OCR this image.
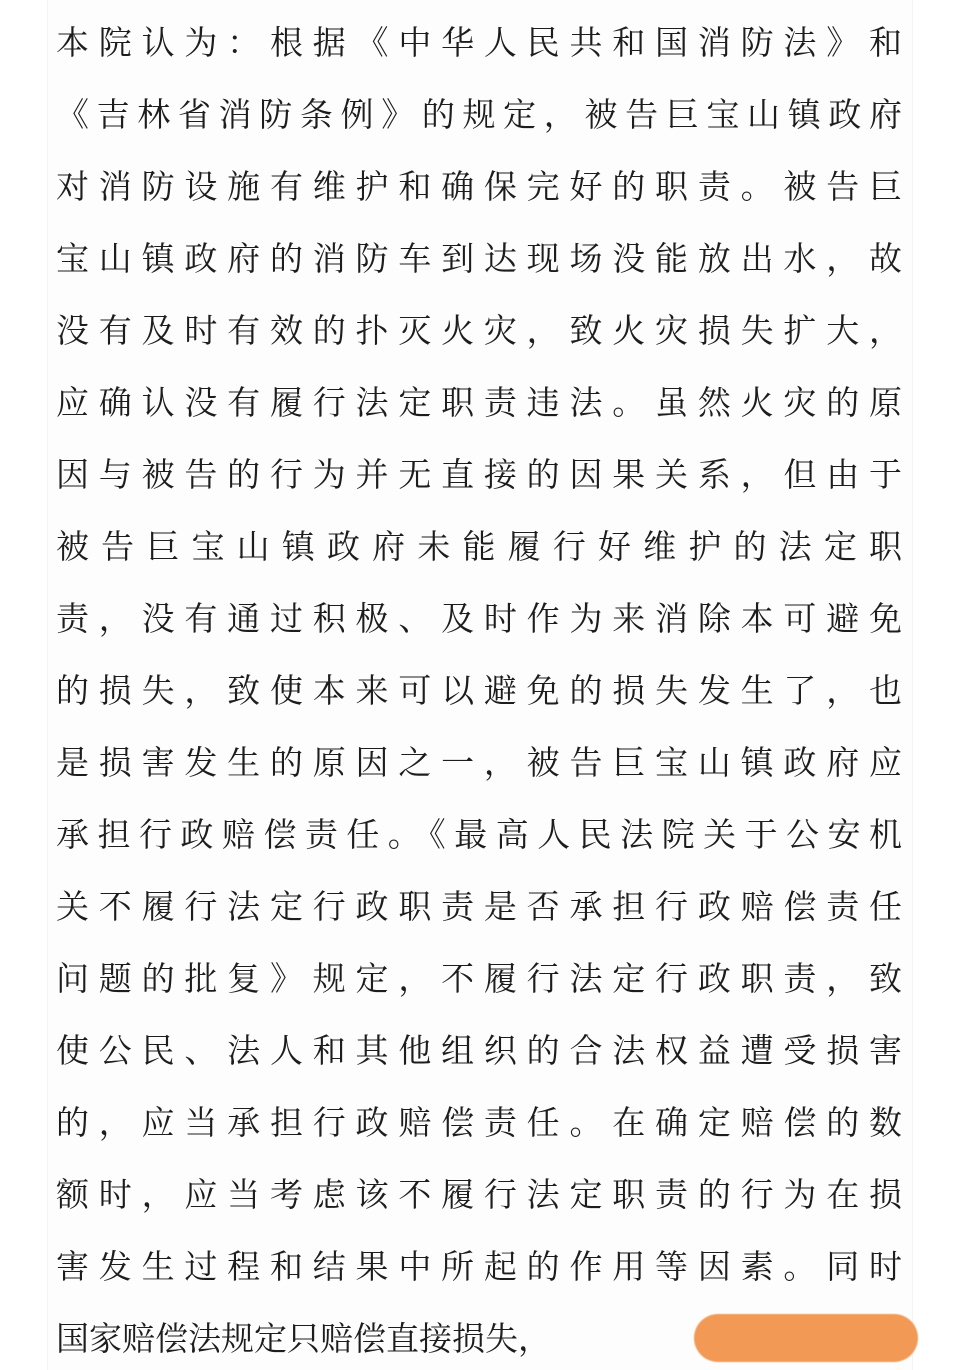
本院认为：根据《中华人民共和国消防法》和
《吉林省消防条例》的规定，被告巨宝山镇政府
对消防设施有维护和确保完好的职责。被告巨
宝山镇政府的消防车到达现场没能放出水，故
没有及时有效的扑灭火灾，致火灾损失扩大，
应确认没有履行法定职责违法。虽然火灾的原
因与被告的行为并无直接的因果关系，但由于
被告巨宝山镇政府未能履行好维护的法定职
责，没有通过积极、及时作为来消除本可避免
的损失，致使本来可以避免的损失发生了，也
是损害发生的原因之一，被告巨宝山镇政府应
承担行政赔偿责任。《最高人民法院关于公安机
关不履行法定行政职责是否承担行政赔偿责任
问题的批复》规定，不履行法定行政职责，致
使公民、法人和其他组织的合法权益遭受损害
的，应当承担行政赔偿责任。在确定赔偿的数
额时，应当考虑该不履行法定职责的行为在损
害发生过程和结果中所起的作用等因素。同时
国家赔偿法规定只赔偿直接损失，
